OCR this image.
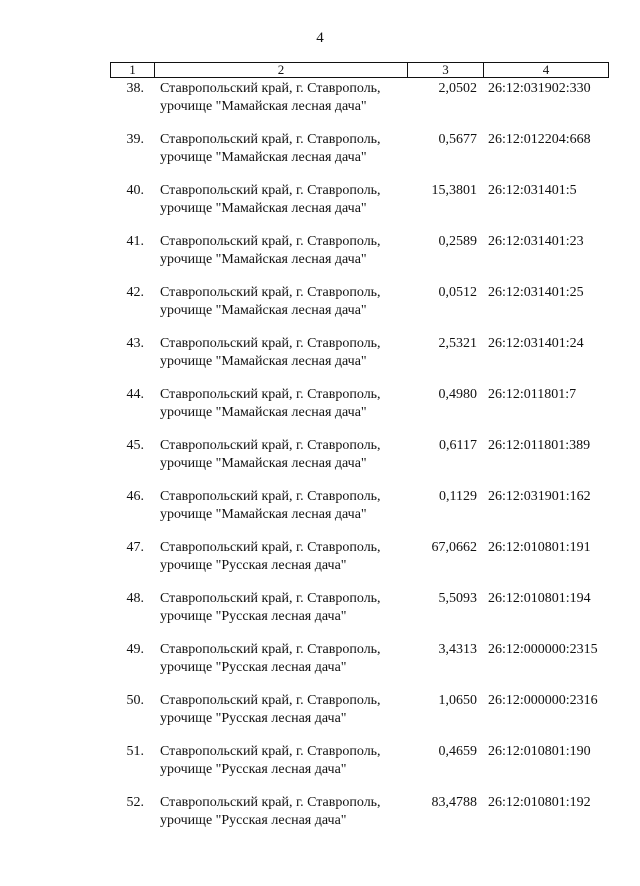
4
1	2	3	4
38. Ставропольский край, г. Ставрополь,
урочище "Мамайская лесная дача"
2,0502 26:12:031902:330
39. Ставропольский край, г. Ставрополь,
урочище "Мамайская лесная дача"
0,5677 26:12:012204:668
40. Ставропольский край, г. Ставрополь,
урочище "Мамайская лесная дача"
15,3801 26:12:031401:5
41. Ставропольский край, г. Ставрополь,
урочище "Мамайская лесная дача"
0,2589 26:12:031401:23
42. Ставропольский край, г. Ставрополь,
урочище "Мамайская лесная дача"
0,0512 26:12:031401:25
43. Ставропольский край, г. Ставрополь,
урочище "Мамайская лесная дача"
2,5321 26:12:031401:24
44. Ставропольский край, г. Ставрополь,
урочище "Мамайская лесная дача"
0,4980 26:12:011801:7
45. Ставропольский край, г. Ставрополь,
урочище "Мамайская лесная дача"
0,6117 26:12:011801:389
46. Ставропольский край, г. Ставрополь,
урочище "Мамайская лесная дача"
0,1129 26:12:031901:162
47. Ставропольский край, г. Ставрополь,
урочище "Русская лесная дача"
67,0662 26:12:010801:191
48. Ставропольский край, г. Ставрополь,
урочище "Русская лесная дача"
5,5093 26:12:010801:194
49. Ставропольский край, г. Ставрополь,
урочище "Русская лесная дача"
3,4313 26:12:000000:2315
50. Ставропольский край, г. Ставрополь,
урочище "Русская лесная дача"
1,0650 26:12:000000:2316
51. Ставропольский край, г. Ставрополь,
урочище "Русская лесная дача"
0,4659 26:12:010801:190
52. Ставропольский край, г. Ставрополь,
урочище "Русская лесная дача"
83,4788 26:12:010801:192
